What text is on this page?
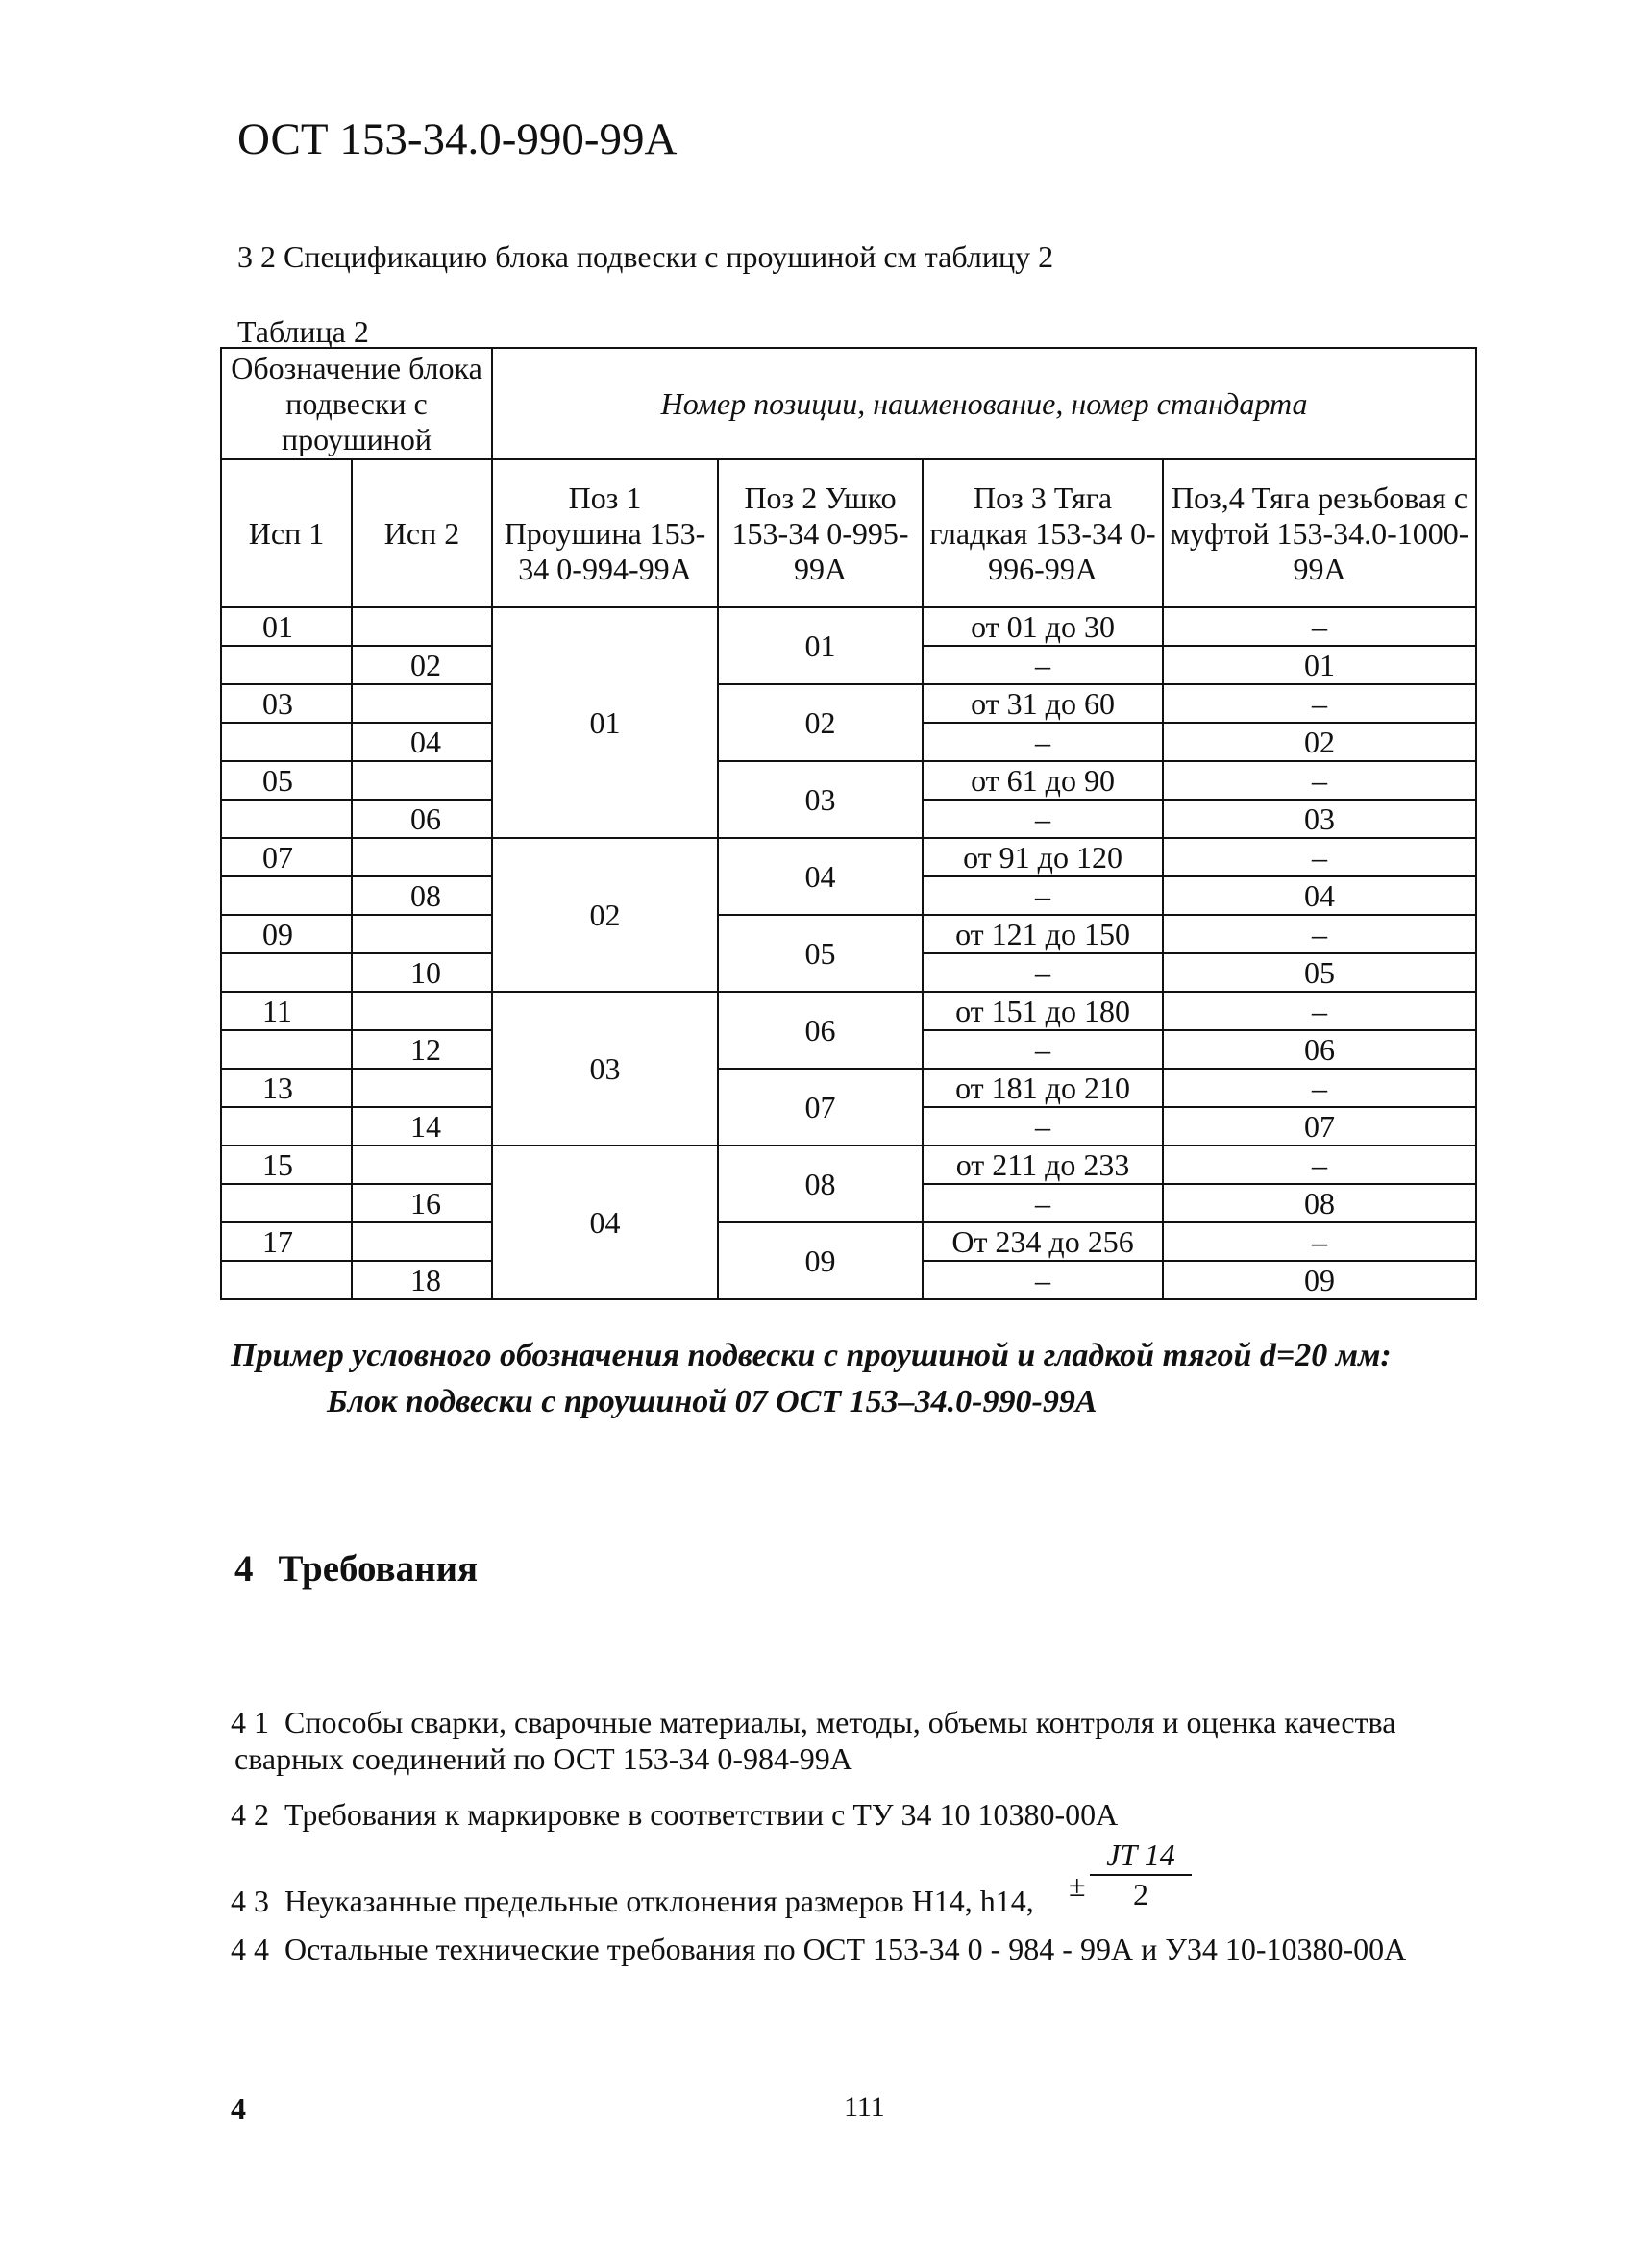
ОСТ 153-34.0-990-99А
3 2 Спецификацию блока подвески с проушиной см таблицу 2
Таблица 2
Обозначение блока подвески с проушиной		Номер позиции, наименование, номер стандарта			
Исп 1	Исп 2	Поз 1 Проушина 153-34 0-994-99А	Поз 2 Ушко 153-34 0-995-99А	Поз 3 Тяга гладкая 153-34 0-996-99А	Поз,4 Тяга резьбовая с муфтой 153-34.0-1000-99А
01		01	01	от 01 до 30	–
	02			–	01
03			02	от 31 до 60	–
	04			–	02
05			03	от 61 до 90	–
	06			–	03
07		02	04	от 91 до 120	–
	08			–	04
09			05	от 121 до 150	–
	10			–	05
11		03	06	от 151 до 180	–
	12			–	06
13			07	от 181 до 210	–
	14			–	07
15		04	08	от 211 до 233	–
	16			–	08
17			09	От 234 до 256	–
	18			–	09
Пример условного обозначения подвески с проушиной и гладкой тягой d=20 мм:
Блок подвески с проушиной 07 ОСТ 153–34.0-990-99А
4 Требования
4 1 Способы сварки, сварочные материалы, методы, объемы контроля и оценка качества
сварных соединений по ОСТ 153-34 0-984-99А
4 2 Требования к маркировке в соответствии с ТУ 34 10 10380-00А
4 3 Неуказанные предельные отклонения размеров Н14, h14, ±
JT 14
2
4 4 Остальные технические требования по ОСТ 153-34 0 - 984 - 99А и У34 10-10380-00А
4	111
